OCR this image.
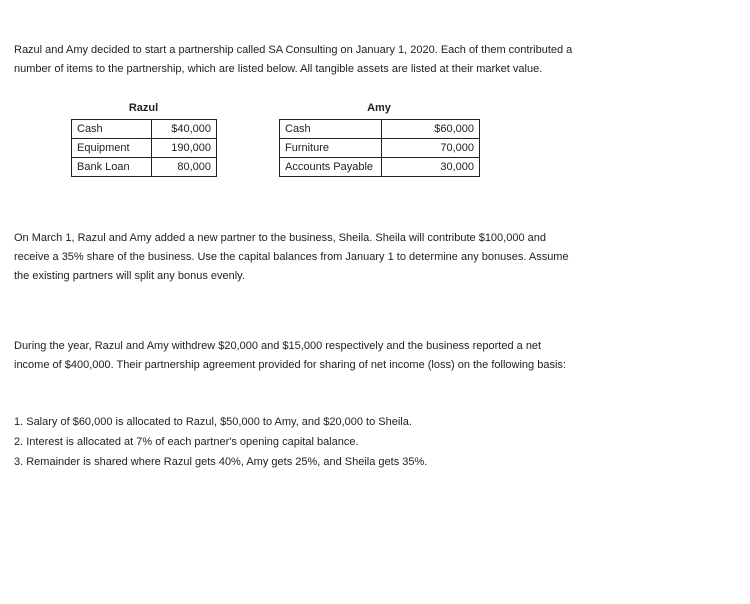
Razul and Amy decided to start a partnership called SA Consulting on January 1, 2020. Each of them contributed a
number of items to the partnership, which are listed below. All tangible assets are listed at their market value.

Razul
Cash	$40,000
Equipment	190,000
Bank Loan	80,000
Amy
Cash	$60,000
Furniture	70,000
Accounts Payable	30,000

On March 1, Razul and Amy added a new partner to the business, Sheila. Sheila will contribute $100,000 and
receive a 35% share of the business. Use the capital balances from January 1 to determine any bonuses. Assume
the existing partners will split any bonus evenly.

During the year, Razul and Amy withdrew $20,000 and $15,000 respectively and the business reported a net
income of $400,000. Their partnership agreement provided for sharing of net income (loss) on the following basis:

1. Salary of $60,000 is allocated to Razul, $50,000 to Amy, and $20,000 to Sheila.
2. Interest is allocated at 7% of each partner's opening capital balance.
3. Remainder is shared where Razul gets 40%, Amy gets 25%, and Sheila gets 35%.
